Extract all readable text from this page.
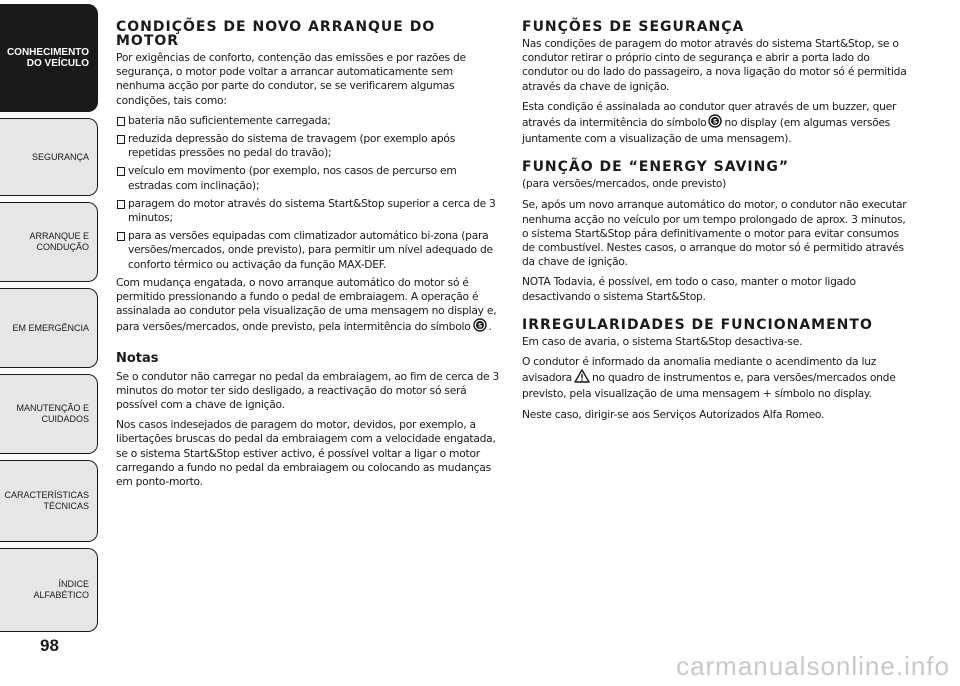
CONHECIMENTO DO VEÍCULO
SEGURANÇA
ARRANQUE E CONDUÇÃO
EM EMERGÊNCIA
MANUTENÇÃO E CUIDADOS
CARACTERÍSTICAS TÉCNICAS
ÍNDICE ALFABÉTICO
98
CONDIÇÕES DE NOVO ARRANQUE DO MOTOR

Por exigências de conforto, contenção das emissões e por razões de segurança, o motor pode voltar a arrancar automaticamente sem nenhuma acção por parte do condutor, se se verificarem algumas condições, tais como:

bateria não suficientemente carregada;

reduzida depressão do sistema de travagem (por exemplo após repetidas pressões no pedal do travão);

veículo em movimento (por exemplo, nos casos de percurso em estradas com inclinação);

paragem do motor através do sistema Start&Stop superior a cerca de 3 minutos;

para as versões equipadas com climatizador automático bi-zona (para versões/mercados, onde previsto), para permitir um nível adequado de conforto térmico ou activação da função MAX-DEF.

Com mudança engatada, o novo arranque automático do motor só é permitido pressionando a fundo o pedal de embraiagem. A operação é assinalada ao condutor pela visualização de uma mensagem no display e, para versões/mercados, onde previsto, pela intermitência do símbolo S .

Notas

Se o condutor não carregar no pedal da embraiagem, ao fim de cerca de 3 minutos do motor ter sido desligado, a reactivação do motor só será possível com a chave de ignição.

Nos casos indesejados de paragem do motor, devidos, por exemplo, a libertações bruscas do pedal da embraiagem com a velocidade engatada, se o sistema Start&Stop estiver activo, é possível voltar a ligar o motor carregando a fundo no pedal da embraiagem ou colocando as mudanças em ponto-morto.

FUNÇÕES DE SEGURANÇA

Nas condições de paragem do motor através do sistema Start&Stop, se o condutor retirar o próprio cinto de segurança e abrir a porta lado do condutor ou do lado do passageiro, a nova ligação do motor só é permitida através da chave de ignição.

Esta condição é assinalada ao condutor quer através de um buzzer, quer através da intermitência do símbolo S no display (em algumas versões juntamente com a visualização de uma mensagem).

FUNÇÃO DE “ENERGY SAVING”

(para versões/mercados, onde previsto)

Se, após um novo arranque automático do motor, o condutor não executar nenhuma acção no veículo por um tempo prolongado de aprox. 3 minutos, o sistema Start&Stop pára definitivamente o motor para evitar consumos de combustível. Nestes casos, o arranque do motor só é permitido através da chave de ignição.

NOTA Todavia, é possível, em todo o caso, manter o motor ligado desactivando o sistema Start&Stop.

IRREGULARIDADES DE FUNCIONAMENTO

Em caso de avaria, o sistema Start&Stop desactiva-se.

O condutor é informado da anomalia mediante o acendimento da luz avisadora no quadro de instrumentos e, para versões/mercados onde previsto, pela visualização de uma mensagem + símbolo no display.

Neste caso, dirigir-se aos Serviços Autorizados Alfa Romeo.

carmanualsonline.info
